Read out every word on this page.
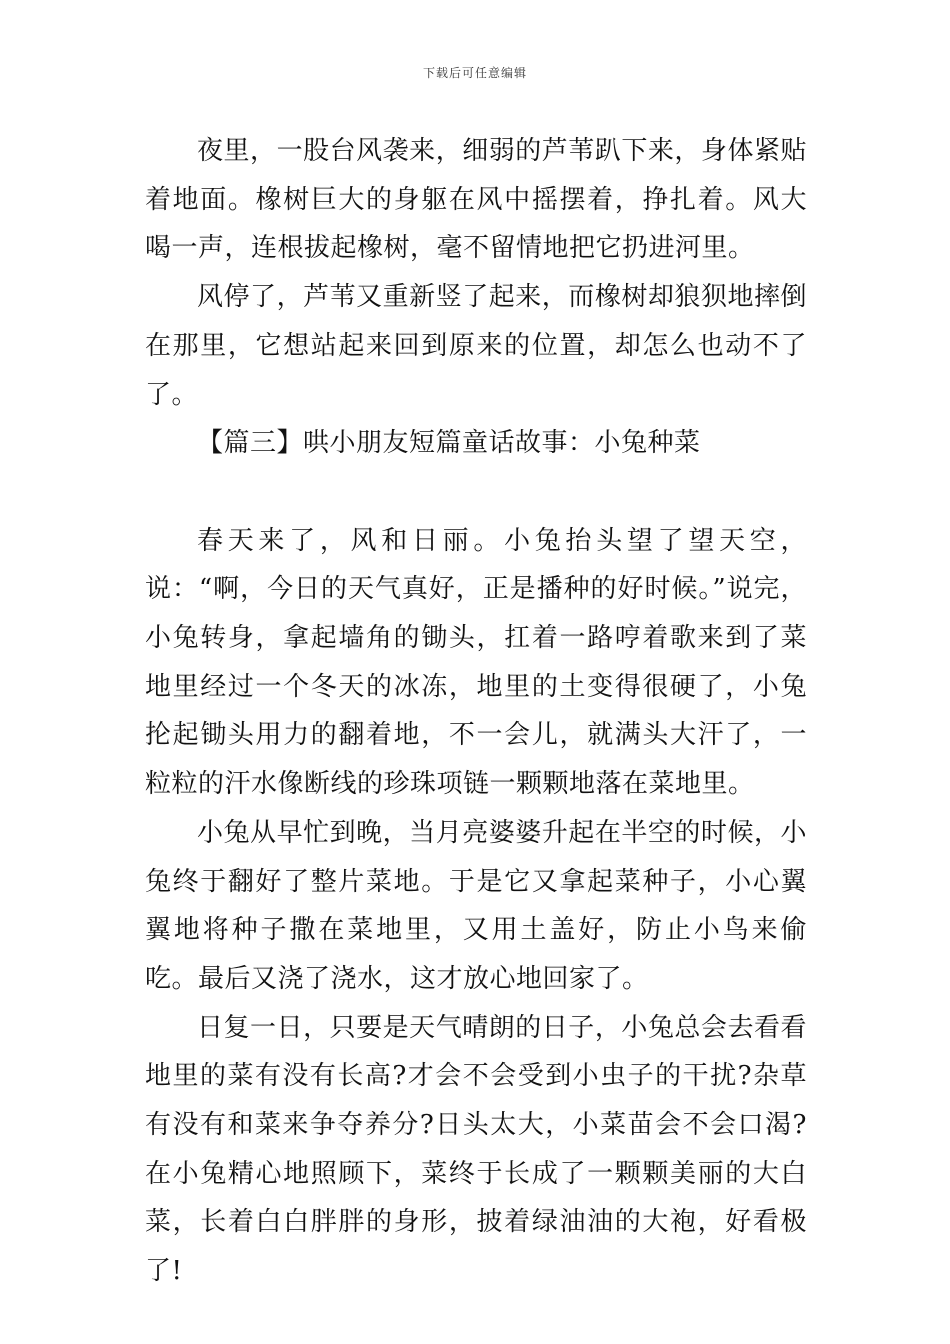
下载后可任意编辑

夜里，一股台风袭来，细弱的芦苇趴下来，身体紧贴着地面。橡树巨大的身躯在风中摇摆着，挣扎着。风大喝一声，连根拔起橡树，毫不留情地把它扔进河里。

风停了，芦苇又重新竖了起来，而橡树却狼狈地摔倒在那里，它想站起来回到原来的位置，却怎么也动不了了。

【篇三】哄小朋友短篇童话故事：小兔种菜

春天来了，风和日丽。小兔抬头望了望天空，说：“啊，今日的天气真好，正是播种的好时候。”说完，小兔转身，拿起墙角的锄头，扛着一路哼着歌来到了菜地里经过一个冬天的冰冻，地里的土变得很硬了，小兔抡起锄头用力的翻着地，不一会儿，就满头大汗了，一粒粒的汗水像断线的珍珠项链一颗颗地落在菜地里。

小兔从早忙到晚，当月亮婆婆升起在半空的时候，小兔终于翻好了整片菜地。于是它又拿起菜种子，小心翼翼地将种子撒在菜地里，又用土盖好，防止小鸟来偷吃。最后又浇了浇水，这才放心地回家了。

日复一日，只要是天气晴朗的日子，小兔总会去看看地里的菜有没有长高?才会不会受到小虫子的干扰?杂草有没有和菜来争夺养分?日头太大，小菜苗会不会口渴?在小兔精心地照顾下，菜终于长成了一颗颗美丽的大白菜，长着白白胖胖的身形，披着绿油油的大袍，好看极了!
